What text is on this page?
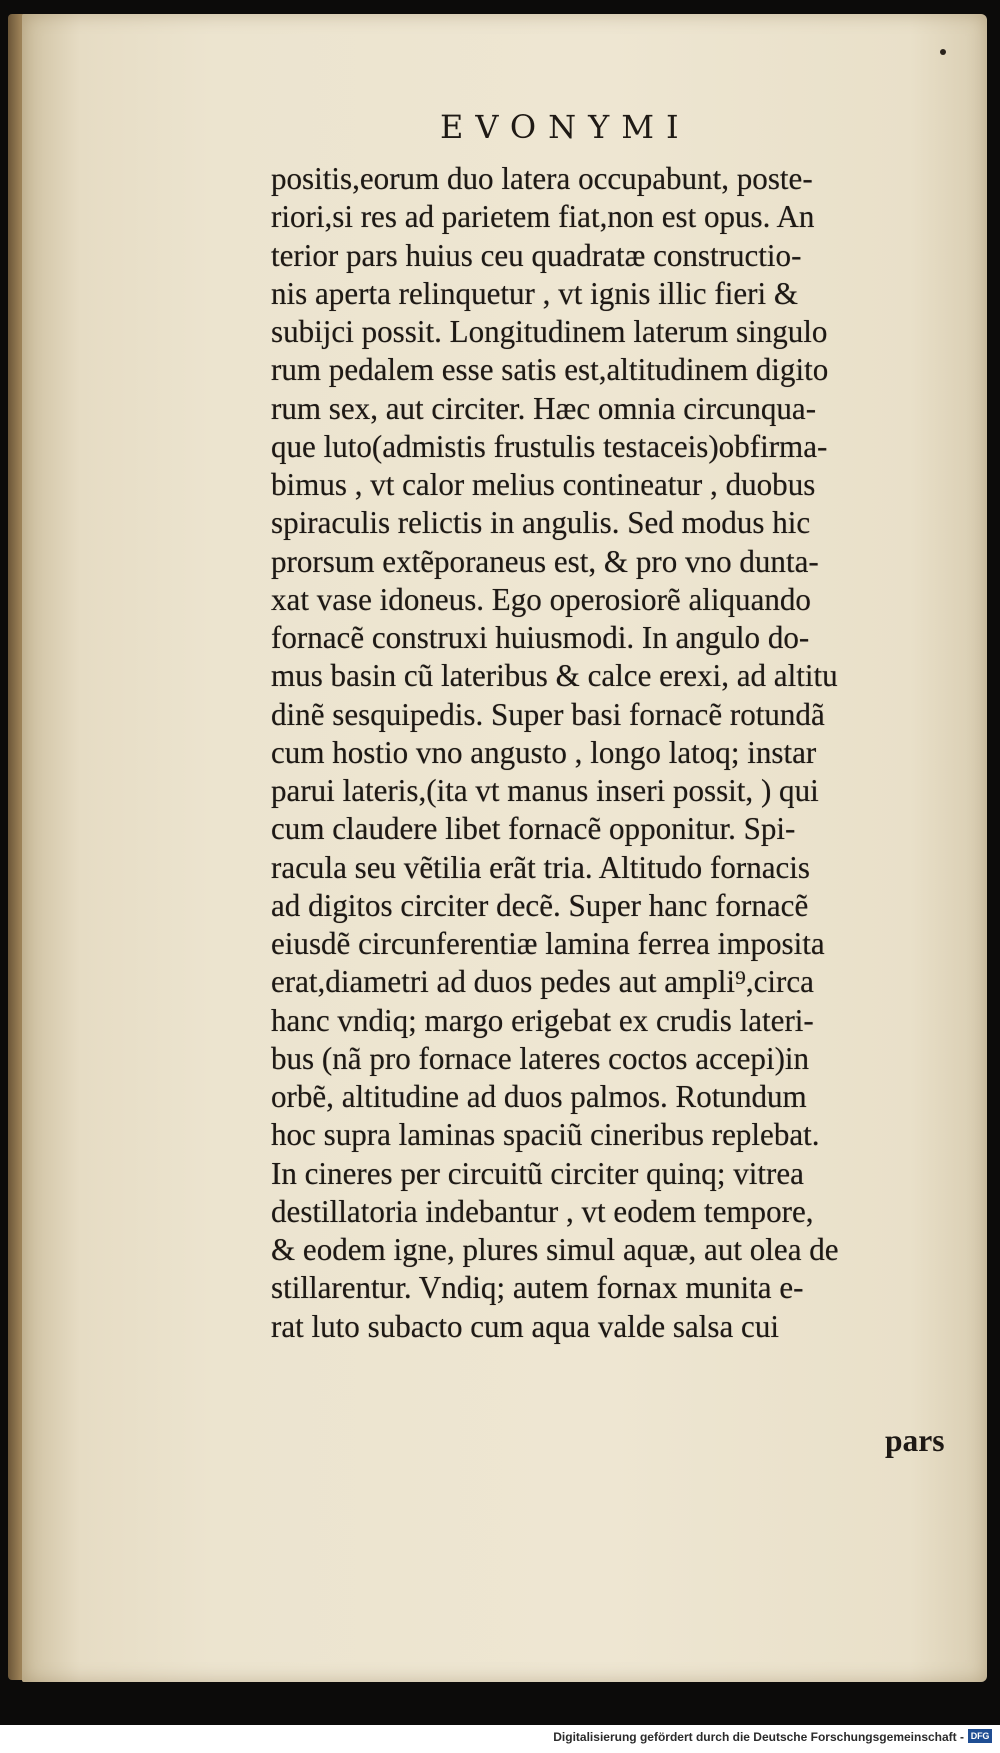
EVONYMI
positis,eorum duo latera occupabunt, poste-
riori,si res ad parietem fiat,non est opus. An
terior pars huius ceu quadratæ constructio-
nis aperta relinquetur , vt ignis illic fieri &
subijci possit. Longitudinem laterum singulo
rum pedalem esse satis est,altitudinem digito
rum sex, aut circiter. Hæc omnia circunqua-
que luto(admistis frustulis testaceis)obfirma-
bimus , vt calor melius contineatur , duobus
spiraculis relictis in angulis. Sed modus hic
prorsum extẽporaneus est, & pro vno dunta-
xat vase idoneus. Ego operosiorẽ aliquando
fornacẽ construxi huiusmodi. In angulo do-
mus basin cũ lateribus & calce erexi, ad altitu
dinẽ sesquipedis. Super basi fornacẽ rotundã
cum hostio vno angusto , longo latoq; instar
parui lateris,(ita vt manus inseri possit, ) qui
cum claudere libet fornacẽ opponitur. Spi-
racula seu vẽtilia erãt tria. Altitudo fornacis
ad digitos circiter decẽ. Super hanc fornacẽ
eiusdẽ circunferentiæ lamina ferrea imposita
erat,diametri ad duos pedes aut ampli⁹,circa
hanc vndiq; margo erigebat ex crudis lateri-
bus (nã pro fornace lateres coctos accepi)in
orbẽ, altitudine ad duos palmos. Rotundum
hoc supra laminas spaciũ cineribus replebat.
In cineres per circuitũ circiter quinq; vitrea
destillatoria indebantur , vt eodem tempore,
& eodem igne, plures simul aquæ, aut olea de
stillarentur. Vndiq; autem fornax munita e-
rat luto subacto cum aqua valde salsa cui
pars
Digitalisierung gefördert durch die Deutsche Forschungsgemeinschaft - DFG
